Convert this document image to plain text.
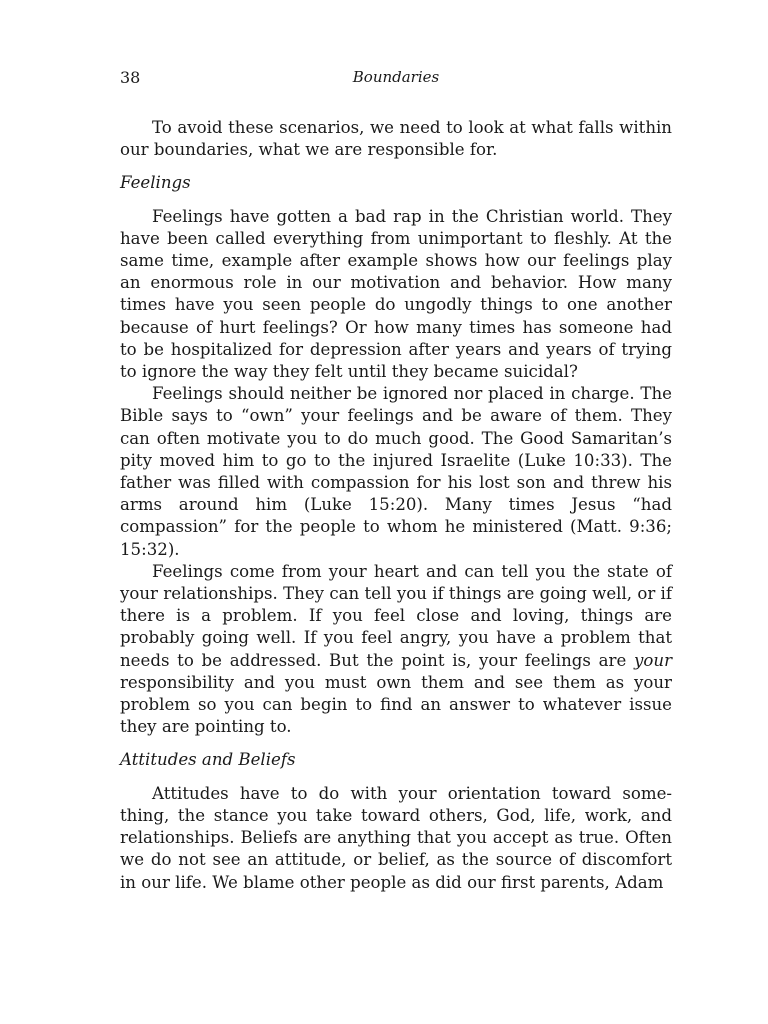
38	Boundaries

To avoid these scenarios, we need to look at what falls within our boundaries, what we are responsible for.

Feelings

Feelings have gotten a bad rap in the Christian world. They have been called everything from unimportant to fleshly. At the same time, example after example shows how our feelings play an enormous role in our motivation and behavior. How many times have you seen people do ungodly things to one another because of hurt feelings? Or how many times has someone had to be hospitalized for depression after years and years of trying to ignore the way they felt until they became suicidal?

Feelings should neither be ignored nor placed in charge. The Bible says to “own” your feelings and be aware of them. They can often motivate you to do much good. The Good Samaritan’s pity moved him to go to the injured Israelite (Luke 10:33). The father was filled with compassion for his lost son and threw his arms around him (Luke 15:20). Many times Jesus “had compassion” for the people to whom he ministered (Matt. 9:36; 15:32).

Feelings come from your heart and can tell you the state of your relationships. They can tell you if things are going well, or if there is a problem. If you feel close and loving, things are probably going well. If you feel angry, you have a problem that needs to be addressed. But the point is, your feelings are your responsibility and you must own them and see them as your problem so you can begin to find an answer to whatever issue they are pointing to.

Attitudes and Beliefs

Attitudes have to do with your orientation toward some-thing, the stance you take toward others, God, life, work, and relationships. Beliefs are anything that you accept as true. Often we do not see an attitude, or belief, as the source of discomfort in our life. We blame other people as did our first parents, Adam
